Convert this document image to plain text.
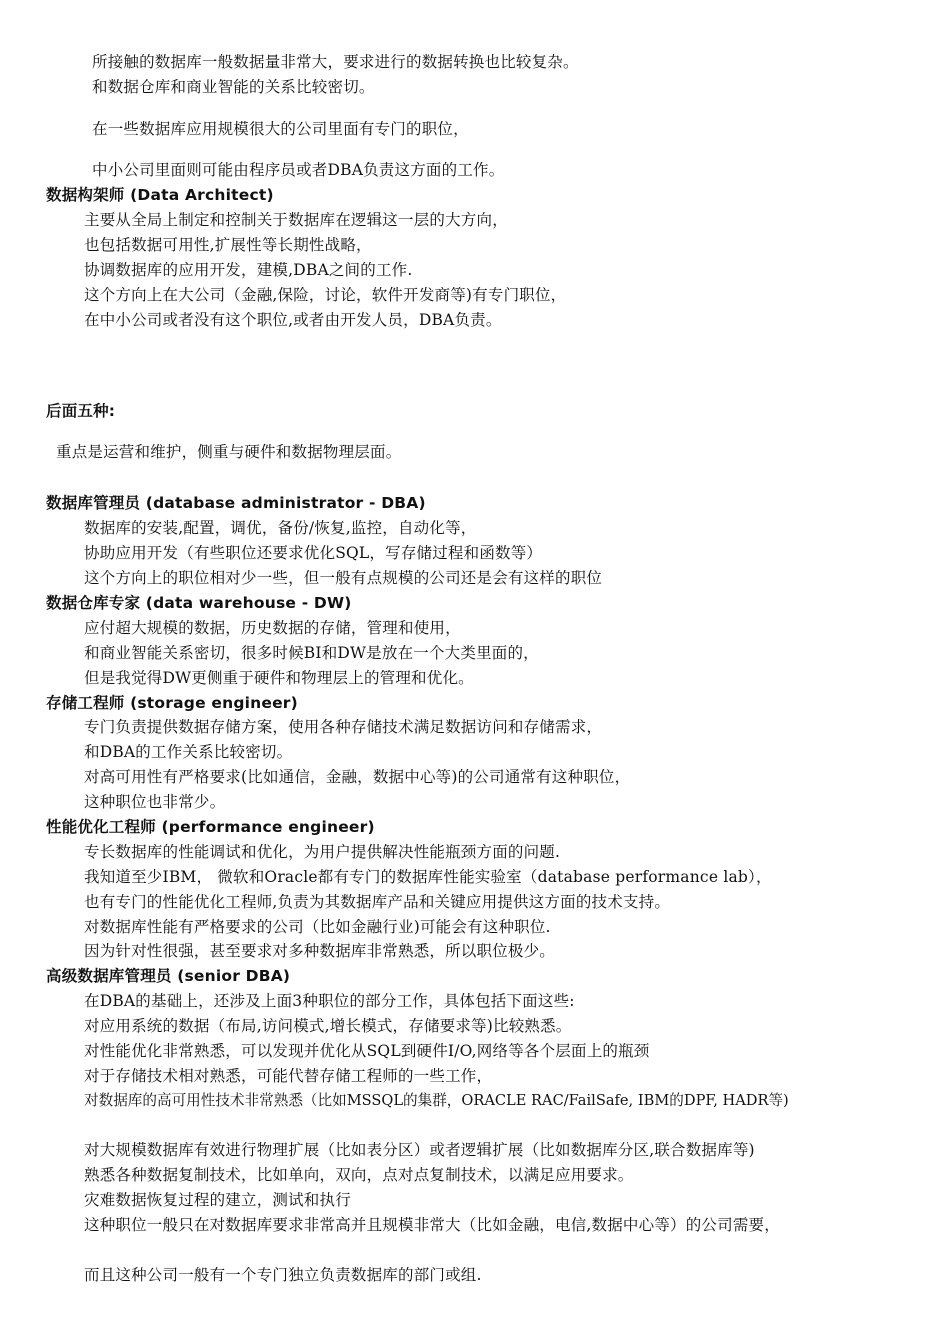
所接触的数据库一般数据量非常大，要求进行的数据转换也比较复杂。
和数据仓库和商业智能的关系比较密切。
在一些数据库应用规模很大的公司里面有专门的职位，
中小公司里面则可能由程序员或者DBA负责这方面的工作。
数据构架师 (Data Architect)
主要从全局上制定和控制关于数据库在逻辑这一层的大方向，
也包括数据可用性,扩展性等长期性战略，
协调数据库的应用开发，建模,DBA之间的工作.
这个方向上在大公司（金融,保险，讨论，软件开发商等)有专门职位，
在中小公司或者没有这个职位,或者由开发人员，DBA负责。
后面五种:
重点是运营和维护，侧重与硬件和数据物理层面。
数据库管理员 (database administrator - DBA)
数据库的安装,配置，调优，备份/恢复,监控，自动化等，
协助应用开发（有些职位还要求优化SQL，写存储过程和函数等）
这个方向上的职位相对少一些，但一般有点规模的公司还是会有这样的职位
数据仓库专家 (data warehouse - DW)
应付超大规模的数据，历史数据的存储，管理和使用，
和商业智能关系密切，很多时候BI和DW是放在一个大类里面的，
但是我觉得DW更侧重于硬件和物理层上的管理和优化。
存储工程师 (storage engineer)
专门负责提供数据存储方案，使用各种存储技术满足数据访问和存储需求，
和DBA的工作关系比较密切。
对高可用性有严格要求(比如通信，金融，数据中心等)的公司通常有这种职位，
这种职位也非常少。
性能优化工程师 (performance engineer)
专长数据库的性能调试和优化，为用户提供解决性能瓶颈方面的问题.
我知道至少IBM， 微软和Oracle都有专门的数据库性能实验室（database performance lab），
也有专门的性能优化工程师,负责为其数据库产品和关键应用提供这方面的技术支持。
对数据库性能有严格要求的公司（比如金融行业)可能会有这种职位.
因为针对性很强，甚至要求对多种数据库非常熟悉，所以职位极少。
高级数据库管理员 (senior DBA)
在DBA的基础上，还涉及上面3种职位的部分工作，具体包括下面这些:
对应用系统的数据（布局,访问模式,增长模式，存储要求等)比较熟悉。
对性能优化非常熟悉，可以发现并优化从SQL到硬件I/O,网络等各个层面上的瓶颈
对于存储技术相对熟悉，可能代替存储工程师的一些工作，
对数据库的高可用性技术非常熟悉（比如MSSQL的集群，ORACLE RAC/FailSafe, IBM的DPF, HADR等)
对大规模数据库有效进行物理扩展（比如表分区）或者逻辑扩展（比如数据库分区,联合数据库等)
熟悉各种数据复制技术，比如单向，双向，点对点复制技术，以满足应用要求。
灾难数据恢复过程的建立，测试和执行
这种职位一般只在对数据库要求非常高并且规模非常大（比如金融，电信,数据中心等）的公司需要，
而且这种公司一般有一个专门独立负责数据库的部门或组.
